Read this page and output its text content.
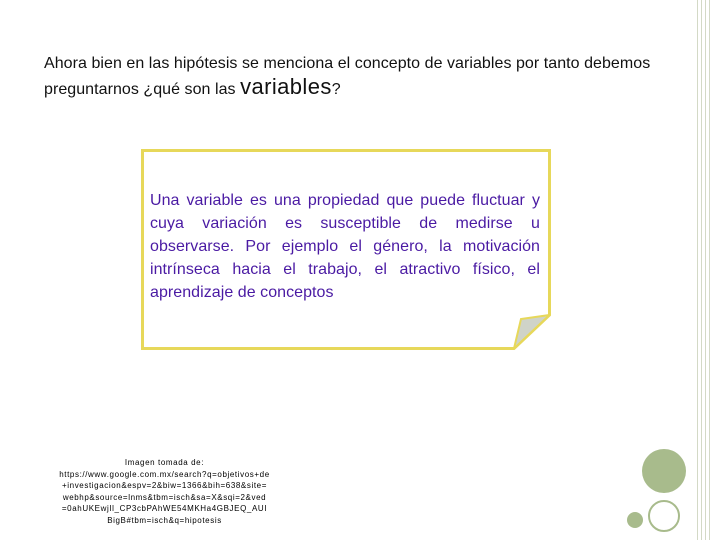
Ahora bien en las hipótesis se menciona el concepto de variables por tanto debemos preguntarnos ¿qué son las variables?
Una variable es una propiedad que puede fluctuar y cuya variación es susceptible de medirse u observarse. Por ejemplo el género, la motivación intrínseca hacia el trabajo, el atractivo físico, el aprendizaje de conceptos
Imagen tomada de:
https://www.google.com.mx/search?q=objetivos+de
+investigacion&espv=2&biw=1366&bih=638&site=
webhp&source=lnms&tbm=isch&sa=X&sqi=2&ved
=0ahUKEwjIl_CP3cbPAhWE54MKHa4GBJEQ_AUI
BigB#tbm=isch&q=hipotesis
